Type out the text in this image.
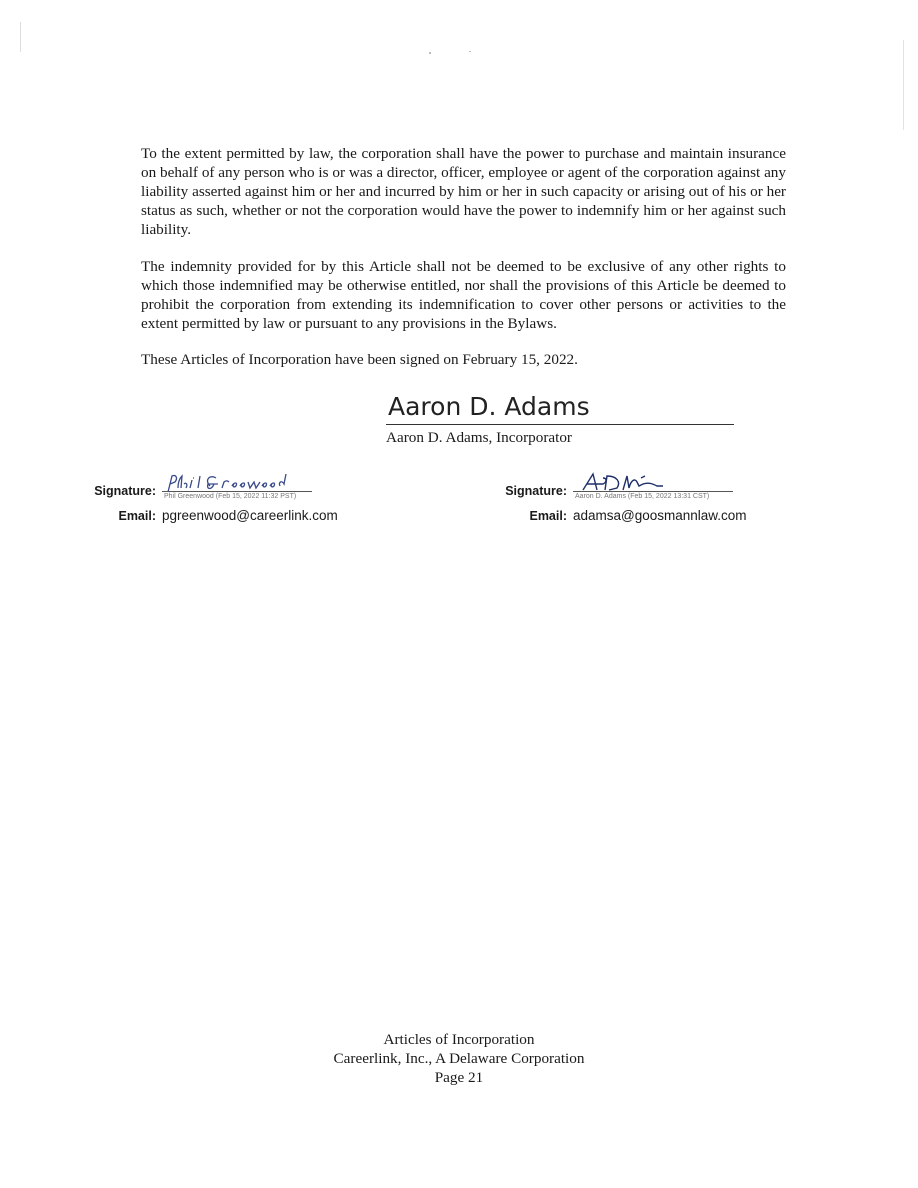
To the extent permitted by law, the corporation shall have the power to purchase and maintain insurance on behalf of any person who is or was a director, officer, employee or agent of the corporation against any liability asserted against him or her and incurred by him or her in such capacity or arising out of his or her status as such, whether or not the corporation would have the power to indemnify him or her against such liability.

The indemnity provided for by this Article shall not be deemed to be exclusive of any other rights to which those indemnified may be otherwise entitled, nor shall the provisions of this Article be deemed to prohibit the corporation from extending its indemnification to cover other persons or activities to the extent permitted by law or pursuant to any provisions in the Bylaws.

These Articles of Incorporation have been signed on February 15, 2022.

Aaron D. Adams
Aaron D. Adams, Incorporator
Signature: Phil Greenwood (Feb 15, 2022 11:32 PST)
Email: pgreenwood@careerlink.com
Signature: Aaron D. Adams (Feb 15, 2022 13:31 CST)
Email: adamsa@goosmannlaw.com
Articles of Incorporation
Careerlink, Inc., A Delaware Corporation
Page 21
